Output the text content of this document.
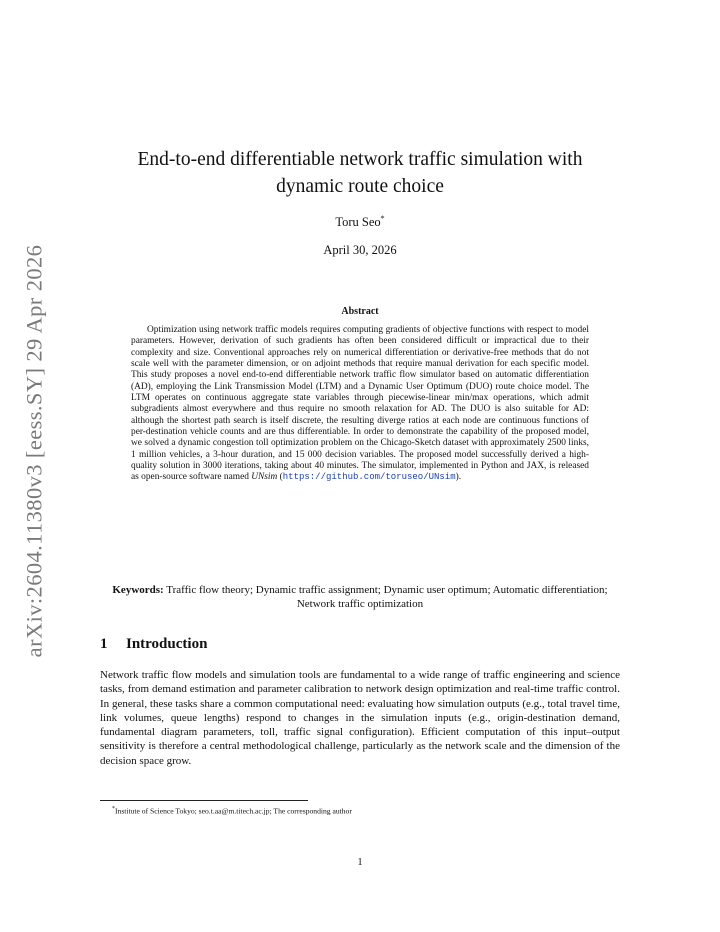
arXiv:2604.11380v3 [eess.SY] 29 Apr 2026
End-to-end differentiable network traffic simulation with
dynamic route choice
Toru Seo*
April 30, 2026
Abstract
Optimization using network traffic models requires computing gradients of objective functions with respect to model parameters. However, derivation of such gradients has often been considered difficult or impractical due to their complexity and size. Conventional approaches rely on numerical differentiation or derivative-free methods that do not scale well with the parameter dimension, or on adjoint methods that require manual derivation for each specific model. This study proposes a novel end-to-end differentiable network traffic flow simulator based on automatic differentiation (AD), employing the Link Transmission Model (LTM) and a Dynamic User Optimum (DUO) route choice model. The LTM operates on continuous aggregate state variables through piecewise-linear min/max operations, which admit subgradients almost everywhere and thus require no smooth relaxation for AD. The DUO is also suitable for AD: although the shortest path search is itself discrete, the resulting diverge ratios at each node are continuous functions of per-destination vehicle counts and are thus differentiable. In order to demonstrate the capability of the proposed model, we solved a dynamic congestion toll optimization problem on the Chicago-Sketch dataset with approximately 2500 links, 1 million vehicles, a 3-hour duration, and 15 000 decision variables. The proposed model successfully derived a high-quality solution in 3000 iterations, taking about 40 minutes. The simulator, implemented in Python and JAX, is released as open-source software named UNsim (https://github.com/toruseo/UNsim).
Keywords: Traffic flow theory; Dynamic traffic assignment; Dynamic user optimum; Automatic differentiation; Network traffic optimization
1 Introduction
Network traffic flow models and simulation tools are fundamental to a wide range of traffic engineering and science tasks, from demand estimation and parameter calibration to network design optimization and real-time traffic control. In general, these tasks share a common computational need: evaluating how simulation outputs (e.g., total travel time, link volumes, queue lengths) respond to changes in the simulation inputs (e.g., origin-destination demand, fundamental diagram parameters, toll, traffic signal configuration). Efficient computation of this input–output sensitivity is therefore a central methodological challenge, particularly as the network scale and the dimension of the decision space grow.
*Institute of Science Tokyo; seo.t.aa@m.titech.ac.jp; The corresponding author
1
